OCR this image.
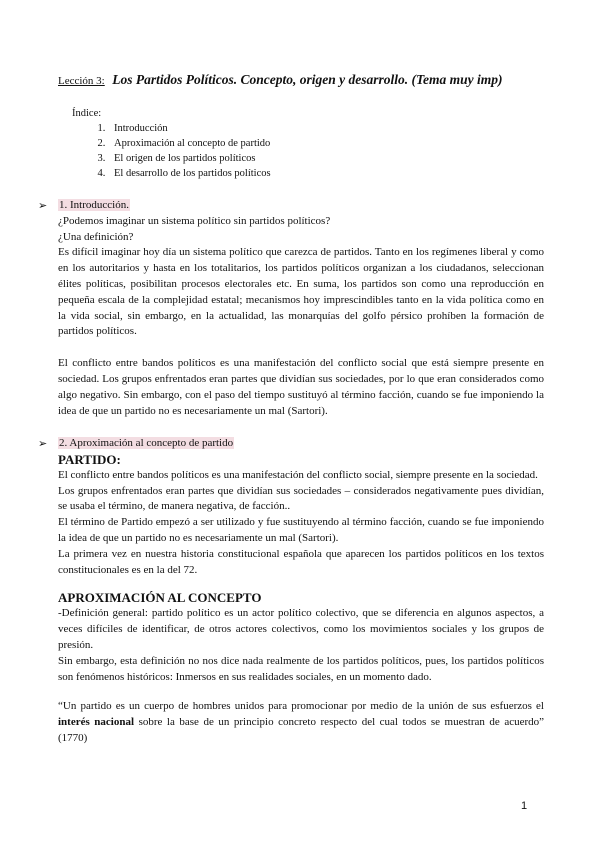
Lección 3: Los Partidos Políticos. Concepto, origen y desarrollo. (Tema muy imp)
Índice:
1. Introducción
2. Aproximación al concepto de partido
3. El origen de los partidos políticos
4. El desarrollo de los partidos políticos
➢ 1. Introducción.

¿Podemos imaginar un sistema político sin partidos políticos?

¿Una definición?

Es difícil imaginar hoy día un sistema político que carezca de partidos. Tanto en los regímenes liberal y como en los autoritarios y hasta en los totalitarios, los partidos políticos organizan a los ciudadanos, seleccionan élites políticas, posibilitan procesos electorales etc. En suma, los partidos son como una reproducción en pequeña escala de la complejidad estatal; mecanismos hoy imprescindibles tanto en la vida política como en la vida social, sin embargo, en la actualidad, las monarquías del golfo pérsico prohíben la formación de partidos políticos.

El conflicto entre bandos políticos es una manifestación del conflicto social que está siempre presente en sociedad. Los grupos enfrentados eran partes que dividían sus sociedades, por lo que eran considerados como algo negativo. Sin embargo, con el paso del tiempo sustituyó al término facción, cuando se fue imponiendo la idea de que un partido no es necesariamente un mal (Sartori).

➢ 2. Aproximación al concepto de partido

PARTIDO:

El conflicto entre bandos políticos es una manifestación del conflicto social, siempre presente en la sociedad.

Los grupos enfrentados eran partes que dividían sus sociedades – considerados negativamente pues dividían, se usaba el término, de manera negativa, de facción..

El término de Partido empezó a ser utilizado y fue sustituyendo al término facción, cuando se fue imponiendo la idea de que un partido no es necesariamente un mal (Sartori).

La primera vez en nuestra historia constitucional española que aparecen los partidos políticos en los textos constitucionales es en la del 72.

APROXIMACIÓN AL CONCEPTO

-Definición general: partido político es un actor político colectivo, que se diferencia en algunos aspectos, a veces difíciles de identificar, de otros actores colectivos, como los movimientos sociales y los grupos de presión.

Sin embargo, esta definición no nos dice nada realmente de los partidos políticos, pues, los partidos políticos son fenómenos históricos: Inmersos en sus realidades sociales, en un momento dado.

“Un partido es un cuerpo de hombres unidos para promocionar por medio de la unión de sus esfuerzos el interés nacional sobre la base de un principio concreto respecto del cual todos se muestran de acuerdo” (1770)

1
